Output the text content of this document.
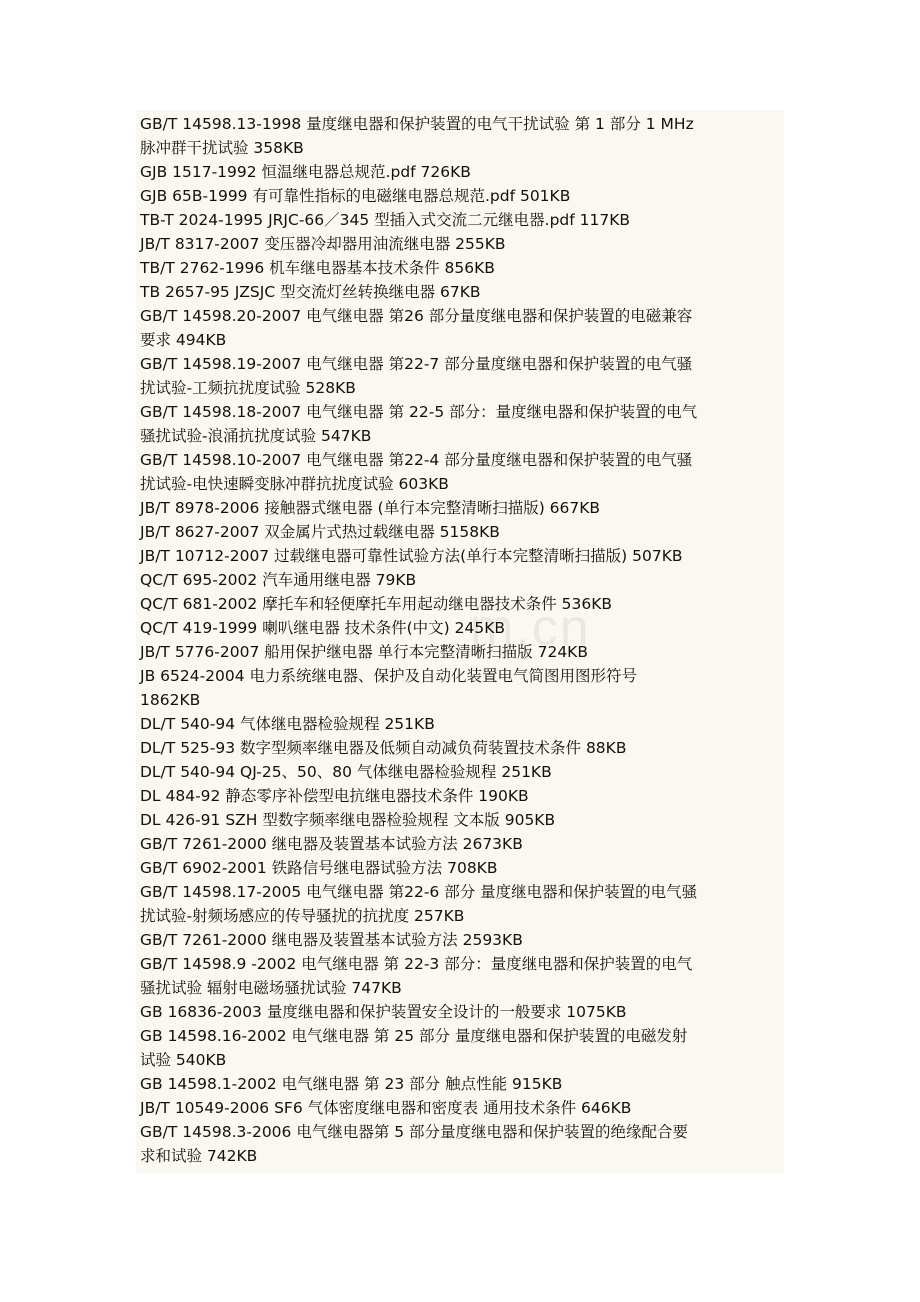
GB/T 14598.13-1998 量度继电器和保护装置的电气干扰试验 第 1 部分 1 MHz
脉冲群干扰试验 358KB
GJB 1517-1992 恒温继电器总规范.pdf 726KB
GJB 65B-1999 有可靠性指标的电磁继电器总规范.pdf 501KB
TB-T 2024-1995 JRJC-66／345 型插入式交流二元继电器.pdf 117KB
JB/T 8317-2007 变压器冷却器用油流继电器 255KB
TB/T 2762-1996 机车继电器基本技术条件 856KB
TB 2657-95 JZSJC 型交流灯丝转换继电器 67KB
GB/T 14598.20-2007 电气继电器 第26 部分量度继电器和保护装置的电磁兼容
要求 494KB
GB/T 14598.19-2007 电气继电器 第22-7 部分量度继电器和保护装置的电气骚
扰试验-工频抗扰度试验 528KB
GB/T 14598.18-2007 电气继电器 第 22-5 部分：量度继电器和保护装置的电气
骚扰试验-浪涌抗扰度试验 547KB
GB/T 14598.10-2007 电气继电器 第22-4 部分量度继电器和保护装置的电气骚
扰试验-电快速瞬变脉冲群抗扰度试验 603KB
JB/T 8978-2006 接触器式继电器 (单行本完整清晰扫描版) 667KB
JB/T 8627-2007 双金属片式热过载继电器 5158KB
JB/T 10712-2007 过载继电器可靠性试验方法(单行本完整清晰扫描版) 507KB
QC/T 695-2002 汽车通用继电器 79KB
QC/T 681-2002 摩托车和轻便摩托车用起动继电器技术条件 536KB
QC/T 419-1999 喇叭继电器 技术条件(中文) 245KB
JB/T 5776-2007 船用保护继电器 单行本完整清晰扫描版 724KB
JB 6524-2004 电力系统继电器、保护及自动化装置电气简图用图形符号
1862KB
DL/T 540-94 气体继电器检验规程 251KB
DL/T 525-93 数字型频率继电器及低频自动减负荷装置技术条件 88KB
DL/T 540-94 QJ-25、50、80 气体继电器检验规程 251KB
DL 484-92 静态零序补偿型电抗继电器技术条件 190KB
DL 426-91 SZH 型数字频率继电器检验规程 文本版 905KB
GB/T 7261-2000 继电器及装置基本试验方法 2673KB
GB/T 6902-2001 铁路信号继电器试验方法 708KB
GB/T 14598.17-2005 电气继电器 第22-6 部分 量度继电器和保护装置的电气骚
扰试验-射频场感应的传导骚扰的抗扰度 257KB
GB/T 7261-2000 继电器及装置基本试验方法 2593KB
GB/T 14598.9 -2002 电气继电器 第 22-3 部分：量度继电器和保护装置的电气
骚扰试验 辐射电磁场骚扰试验 747KB
GB 16836-2003 量度继电器和保护装置安全设计的一般要求 1075KB
GB 14598.16-2002 电气继电器 第 25 部分 量度继电器和保护装置的电磁发射
试验 540KB
GB 14598.1-2002 电气继电器 第 23 部分 触点性能 915KB
JB/T 10549-2006 SF6 气体密度继电器和密度表 通用技术条件 646KB
GB/T 14598.3-2006 电气继电器第 5 部分量度继电器和保护装置的绝缘配合要
求和试验 742KB
